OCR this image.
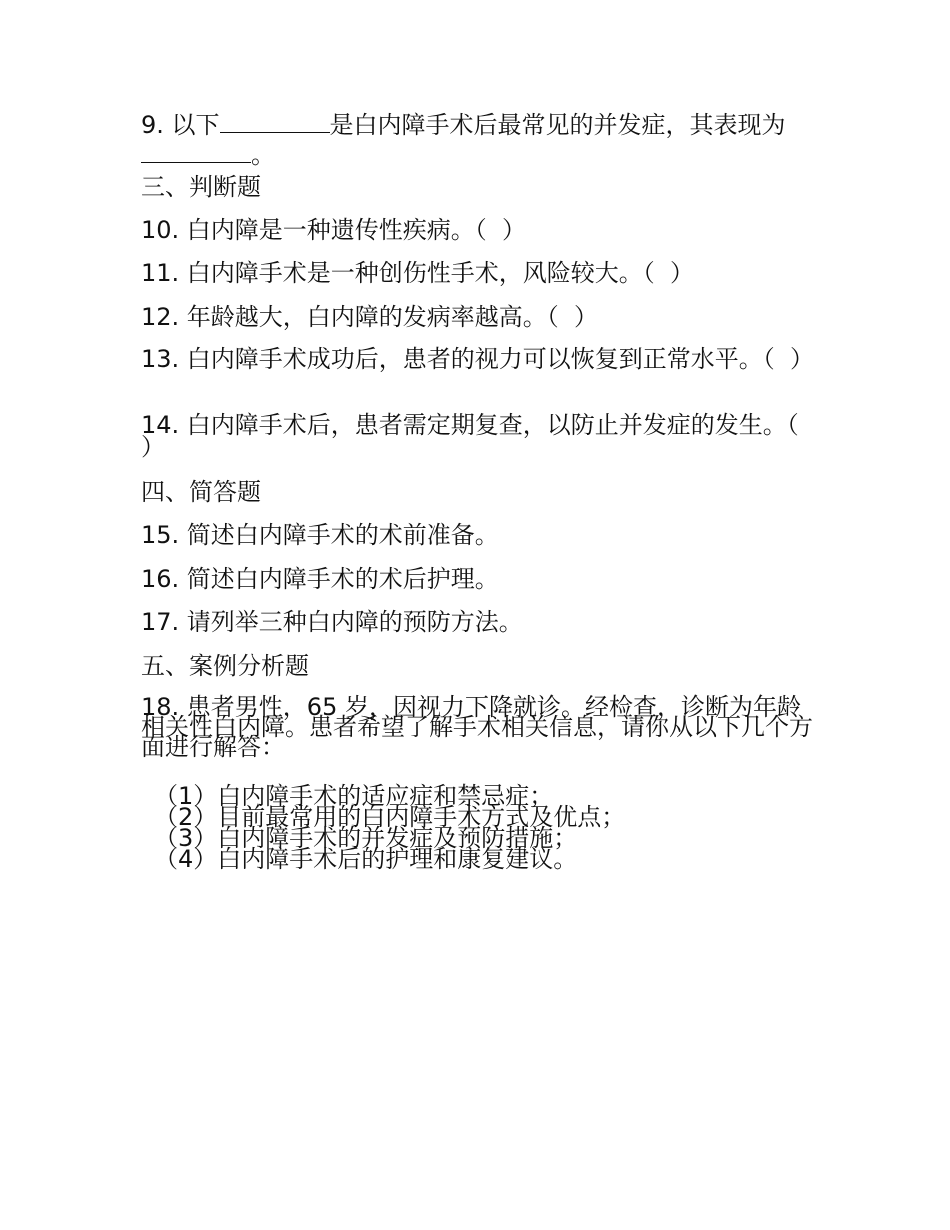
9. 以下	是白内障手术后最常见的并发症，其表现为。
三、判断题
10. 白内障是一种遗传性疾病。（  ）
11. 白内障手术是一种创伤性手术，风险较大。（  ）
12. 年龄越大，白内障的发病率越高。（  ）
13. 白内障手术成功后，患者的视力可以恢复到正常水平。（  ）
14. 白内障手术后，患者需定期复查，以防止并发症的发生。（  ）
四、简答题
15. 简述白内障手术的术前准备。
16. 简述白内障手术的术后护理。
17. 请列举三种白内障的预防方法。
五、案例分析题
18. 患者男性，65 岁，因视力下降就诊。经检查，诊断为年龄相关性白内障。患者希望了解手术相关信息，请你从以下几个方面进行解答：
（1）白内障手术的适应症和禁忌症；
（2）目前最常用的白内障手术方式及优点；
（3）白内障手术的并发症及预防措施；
（4）白内障手术后的护理和康复建议。
